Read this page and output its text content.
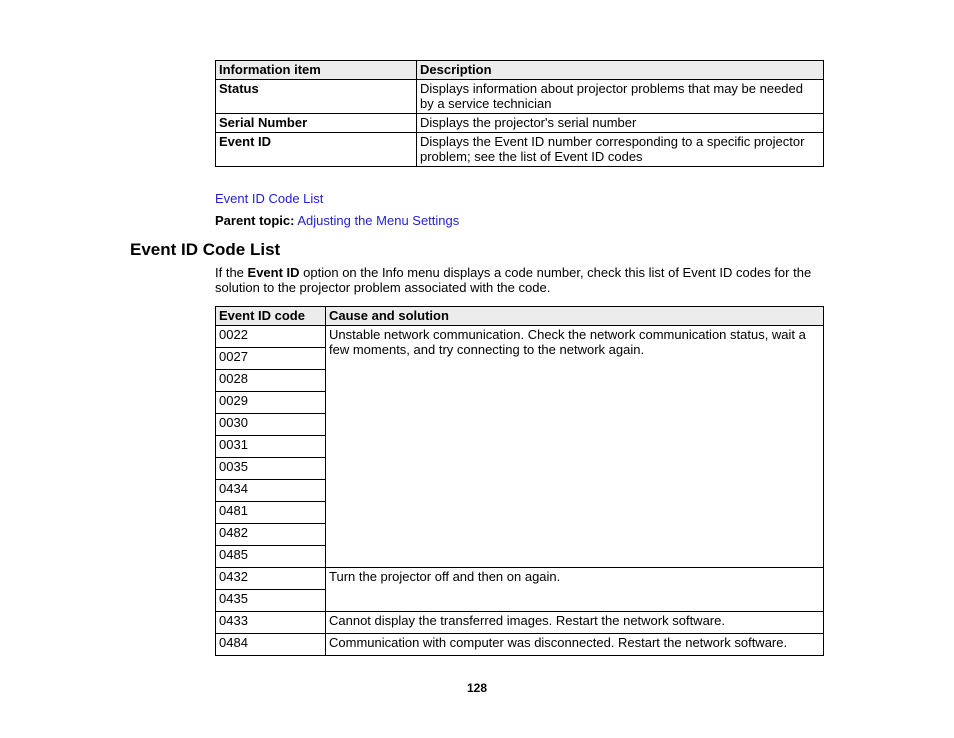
Information item	Description
Status	Displays information about projector problems that may be needed by a service technician
Serial Number	Displays the projector's serial number
Event ID	Displays the Event ID number corresponding to a specific projector problem; see the list of Event ID codes

Event ID Code List

Parent topic: Adjusting the Menu Settings

Event ID Code List

If the Event ID option on the Info menu displays a code number, check this list of Event ID codes for the solution to the projector problem associated with the code.

Event ID code	Cause and solution
0022	Unstable network communication. Check the network communication status, wait a few moments, and try connecting to the network again.
0027	
0028	
0029	
0030	
0031	
0035	
0434	
0481	
0482	
0485	
0432	Turn the projector off and then on again.
0435	
0433	Cannot display the transferred images. Restart the network software.
0484	Communication with computer was disconnected. Restart the network software.

128
